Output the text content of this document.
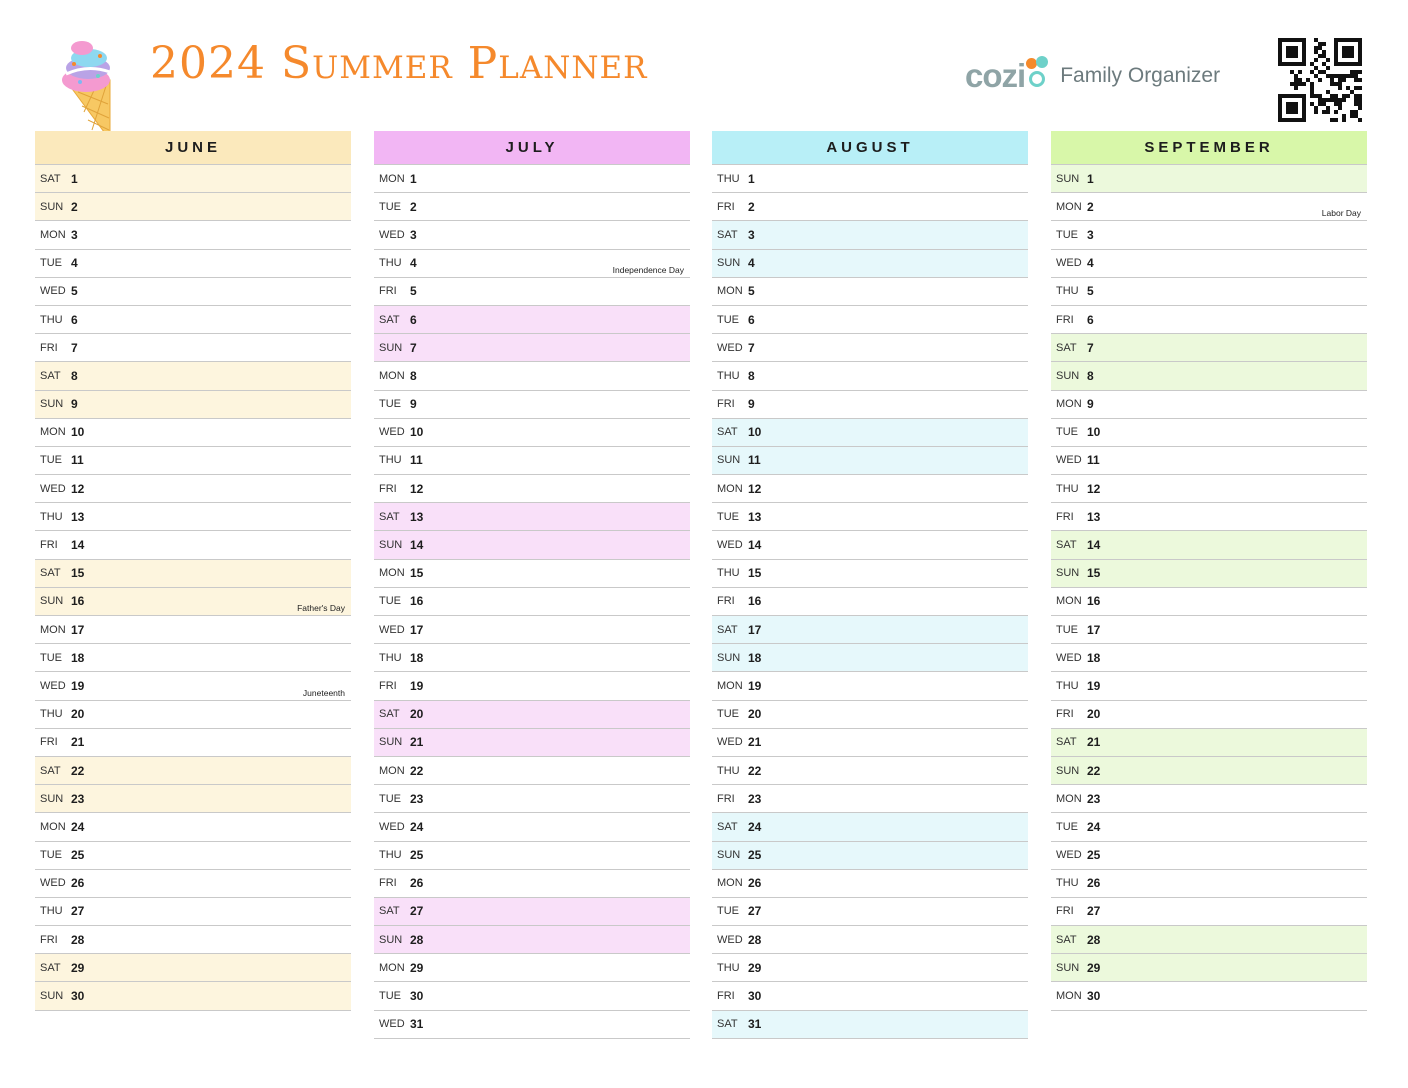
2024 Summer Planner	cozi Family Organizer
JUNE
SAT 1
SUN 2
MON 3
TUE 4
WED 5
THU 6
FRI	7
SAT 8
SUN 9
MON 10
TUE 11
WED 12
THU 13
FRI	14
SAT 15
SUN 16	Father's Day
MON 17
TUE 18
WED 19	Juneteenth
THU 20
FRI	21
SAT 22
SUN 23
MON 24
TUE 25
WED 26
THU 27
FRI	28
SAT 29
SUN 30
JULY
MON 1
TUE 2
WED 3
THU 4	Independence Day
FRI	5
SAT 6
SUN 7
MON 8
TUE 9
WED 10
THU 11
FRI	12
SAT 13
SUN 14
MON 15
TUE 16
WED 17
THU 18
FRI	19
SAT 20
SUN 21
MON 22
TUE 23
WED 24
THU 25
FRI	26
SAT 27
SUN 28
MON 29
TUE 30
WED 31
AUGUST
THU 1
FRI	2
SAT 3
SUN 4
MON 5
TUE 6
WED 7
THU 8
FRI	9
SAT 10
SUN 11
MON 12
TUE 13
WED 14
THU 15
FRI	16
SAT 17
SUN 18
MON 19
TUE 20
WED 21
THU 22
FRI	23
SAT 24
SUN 25
MON 26
TUE 27
WED 28
THU 29
FRI	30
SAT 31
SEPTEMBER
SUN 1
MON 2	Labor Day
TUE 3
WED 4
THU 5
FRI	6
SAT 7
SUN 8
MON 9
TUE 10
WED 11
THU 12
FRI	13
SAT 14
SUN 15
MON 16
TUE 17
WED 18
THU 19
FRI	20
SAT 21
SUN 22
MON 23
TUE 24
WED 25
THU 26
FRI	27
SAT 28
SUN 29
MON 30
